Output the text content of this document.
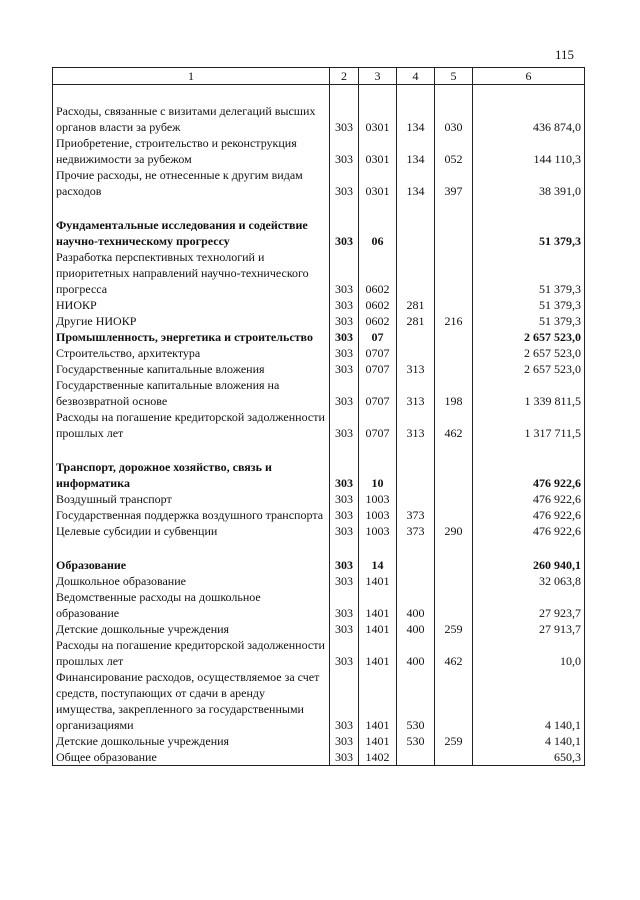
115
1	2	3	4	5	6

Расходы, связанные с визитами делегаций высших органов власти за рубеж	303	0301	134	030	436 874,0
Приобретение, строительство и реконструкция недвижимости за рубежом	303	0301	134	052	144 110,3
Прочие расходы, не отнесенные к другим видам расходов	303	0301	134	397	38 391,0

Фундаментальные исследования и содействие научно-техническому прогрессу	303	06			51 379,3
Разработка перспективных технологий и приоритетных направлений научно-технического прогресса	303	0602			51 379,3
НИОКР	303	0602	281		51 379,3
Другие НИОКР	303	0602	281	216	51 379,3
Промышленность, энергетика и строительство	303	07			2 657 523,0
Строительство, архитектура	303	0707			2 657 523,0
Государственные капитальные вложения	303	0707	313		2 657 523,0
Государственные капитальные вложения на безвозвратной основе	303	0707	313	198	1 339 811,5
Расходы на погашение кредиторской задолженности прошлых лет	303	0707	313	462	1 317 711,5

Транспорт, дорожное хозяйство, связь и информатика	303	10			476 922,6
Воздушный транспорт	303	1003			476 922,6
Государственная поддержка воздушного транспорта	303	1003	373		476 922,6
Целевые субсидии и субвенции	303	1003	373	290	476 922,6

Образование	303	14			260 940,1
Дошкольное образование	303	1401			32 063,8
Ведомственные расходы на дошкольное образование	303	1401	400		27 923,7
Детские дошкольные учреждения	303	1401	400	259	27 913,7
Расходы на погашение кредиторской задолженности прошлых лет	303	1401	400	462	10,0
Финансирование расходов, осуществляемое за счет средств, поступающих от сдачи в аренду имущества, закрепленного за государственными организациями	303	1401	530		4 140,1
Детские дошкольные учреждения	303	1401	530	259	4 140,1
Общее образование	303	1402			650,3
